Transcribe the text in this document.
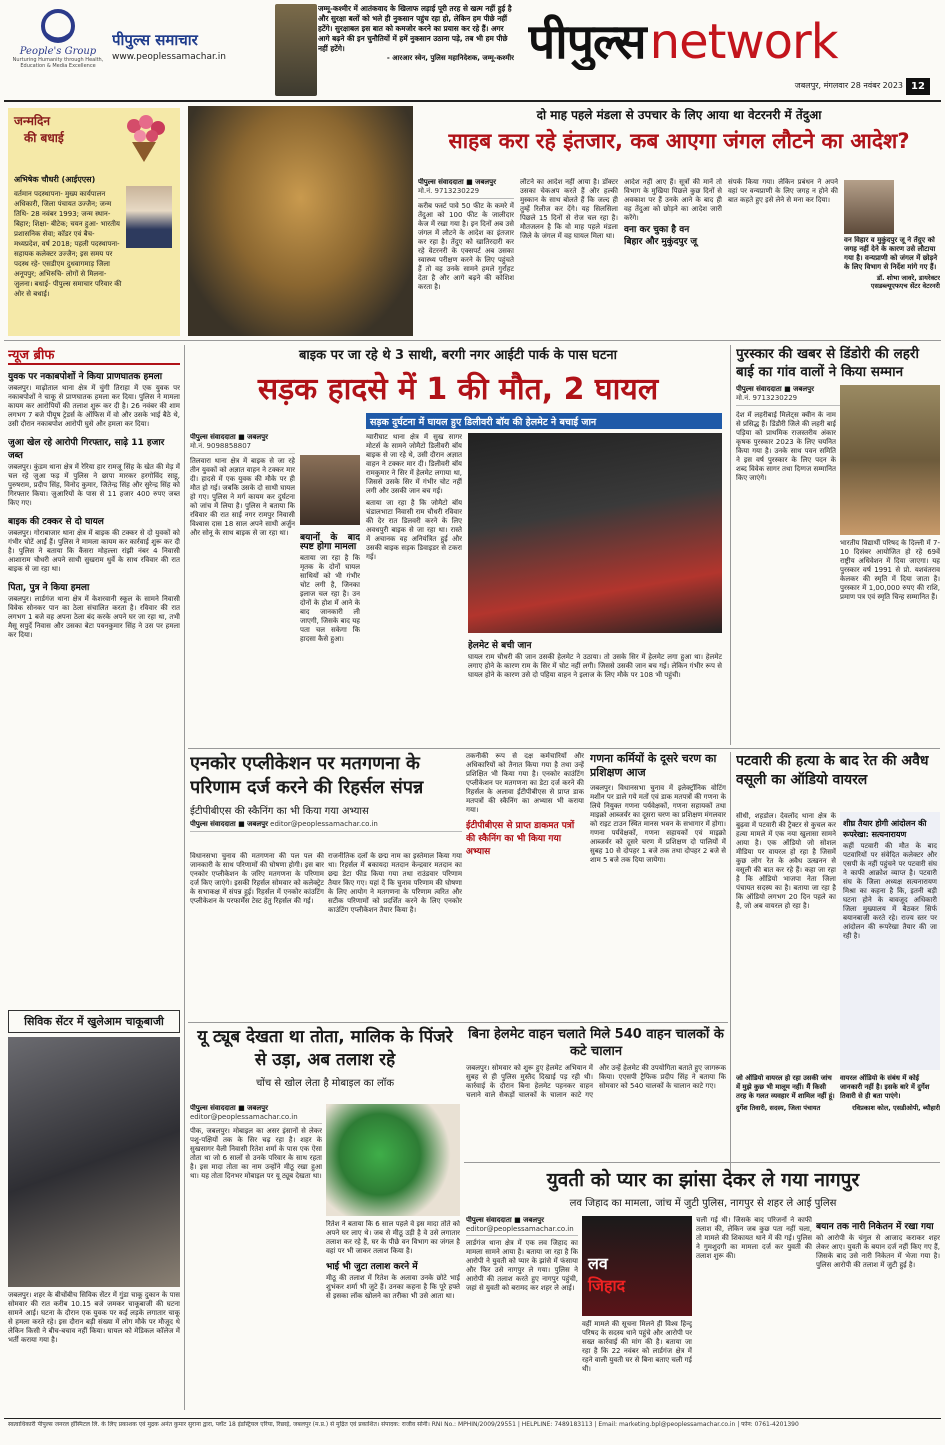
People's Group
Nurturing Humanity through Health, Education & Media Excellence
पीपुल्स समाचार
www.peoplessamachar.in
जम्मू-कश्मीर में आतंकवाद के खिलाफ लड़ाई पूरी तरह से खत्म नहीं हुई है और सुरक्षा बलों को भले ही नुकसान पहुंच रहा हो, लेकिन हम पीछे नहीं हटेंगे। सुरक्षाबल इस बात को कमजोर करने का प्रयास कर रहे हैं। अगर आगे बढ़ने की इन चुनौतियों में हमें नुकसान उठाना पड़े, तब भी हम पीछे नहीं हटेंगे।
- आरआर स्वेन, पुलिस महानिदेशक, जम्मू-कश्मीर पीपुल्सnetwork
जबलपुर, मंगलवार 28 नवंबर 2023 12
जन्मदिन
की बधाई
अभिषेक चौधरी (आईएएस)
वर्तमान पदस्थापना- मुख्य कार्यपालन अधिकारी, जिला पंचायत उज्जैन; जन्म तिथि- 28 नवंबर 1993; जन्म स्थान- बिहार; शिक्षा- बीटेक; चयन हुआ- भारतीय प्रशासनिक सेवा; कॉडर एवं बैच- मध्यप्रदेश, वर्ष 2018; पहली पदस्थापना- सहायक कलेक्टर उज्जैन; इस समय पर पदस्थ रहे- एसडीएम दुधवागमाड़ जिला अनूपपुर; अभिरुचि- लोगों से मिलना-जुलना। बधाई- पीपुल्स समाचार परिवार की ओर से बधाई।
दो माह पहले मंडला से उपचार के लिए आया था वेटरनरी में तेंदुआ
साहब करा रहे इंतजार, कब आएगा जंगल लौटने का आदेश?
पीपुल्स संवाददाता ■ जबलपुर
मो.नं. 9713230229

करीब फर्स्ट पावे 50 फीट के कमरे में तेंदुआ को 100 फीट के जालीदार केज में रखा गया है। इन दिनों अब उसे जंगल में लौटने के आदेश का इंतजार कर रहा है। तेंदुए को खातिरदारी कर रहे वेटरनरी के एक्सपर्ट अब उसका स्वास्थ्य परीक्षण करने के लिए पहुंचते हैं तो वह उनके सामने हमले गुर्राहट देता है और आगे बढ़ने की कोशिश करता है।

लौटने का आदेश नहीं आया है। डॉक्टर उसका चेकअप करते हैं और हल्की मुस्कान के साथ बोलते हैं कि जल्द ही तुम्हें रिलीज कर देंगे। यह सिलसिला पिछले 15 दिनों से रोज चल रहा है। मौतजलन है कि वो माह पहले मंडला जिले के जंगल में वह घायल मिला था।

आदेश नहीं आए हैं। सूत्रों की मानें तो विभाग के मुखिया पिछले कुछ दिनों से अवकाश पर हैं उनके आने के बाद ही वह तेंदुआ को छोड़ने का आदेश जारी करेंगे।

वना कर चुका है वन
बिहार और मुकुंदपुर जू

संपर्क किया गया। लेकिन प्रबंधन ने अपने वहां पर वन्यप्राणी के लिए जगह न होने की बात कहते हुए इसे लेने से मना कर दिया।

वन विहार व मुकुंदपुर जू ने तेंदुए को जगह नहीं देने के कारण उसे लौटाया गया है। वन्यप्राणी को जंगल में छोड़ने के लिए विभाग से निर्देश मांगे गए हैं।
डॉ. शोभा जावरे, डायरेक्टर एसडब्ल्यूएफएच सेंटर वेटरनरी
न्यूज ब्रीफ
युवक पर नकाबपोशों ने किया प्राणघातक हमला
जबलपुर। माढ़ोताल थाना क्षेत्र में चुंगी तिराहा में एक युवक पर नकाबपोशों ने चाकू से प्राणघातक हमला कर दिया। पुलिस ने मामला कायम कर आरोपियों की तलाश शुरू कर दी है। 26 नवंबर की शाम लगभग 7 बजे पीयूष ट्रेडर्स के ऑफिस में वो और उसके भाई बैठे थे, उसी दौरान नकाबपोश आरोपी घुसे और हमला कर दिया।
जुआ खेल रहे आरोपी गिरफ्तार, साढ़े 11 हजार जब्त
जबलपुर। कुंडम थाना क्षेत्र में रेरिया हार रामजू सिंह के खेत की मेड़ में चल रहे जुआ फड़ में पुलिस ने छापा मारकर हरगोविंद साहू, पुरुषराम, प्रदीप सिंह, विनोद कुमार, जितेन्द्र सिंह और सुरेन्द्र सिंह को गिरफ्तार किया। जुआरियों के पास से 11 हजार 400 रुपए जब्त किए गए।
बाइक की टक्कर से दो घायल
जबलपुर। गोराबाजार थाना क्षेत्र में बाइक की टक्कर से दो युवकों को गंभीर चोटें आईं हैं। पुलिस ने मामला कायम कर कार्रवाई शुरू कर दी है। पुलिस ने बताया कि कैंसरा मोहल्ला रांझी नंबर 4 निवासी आशाराम चौधरी अपने साथी सुखराम धुर्वे के साथ रविवार की रात बाइक से जा रहा था।
पिता, पुत्र ने किया हमला
जबलपुर। लार्डगंज थाना क्षेत्र में केशरवानी स्कूल के सामने निवासी विवेक सोनकर पान का ठेला संचालित करता है। रविवार की रात लगभग 1 बजे वह अपना ठेला बंद करके अपने घर जा रहा था, तभी मैसू सपुर्दे निवास और उसका बेटा पवनकुमार सिंह ने उस पर हमला कर दिया।
सिविक सेंटर में खुलेआम चाकूबाजी
जबलपुर। शहर के बीचोंबीच सिविक सेंटर में गुंडा चाकू दुकान के पास सोमवार की रात करीब 10.15 बजे जमकर चाकूबाजी की घटना सामने आई। घटना के दौरान एक युवक पर कई लड़के लगातार चाकू से हमला करते रहे। इस दौरान बड़ी संख्या में लोग मौके पर मौजूद थे लेकिन किसी ने बीच-बचाव नहीं किया। घायल को मेडिकल कॉलेज में भर्ती कराया गया है।
बाइक पर जा रहे थे 3 साथी, बरगी नगर आईटी पार्क के पास घटना
सड़क हादसे में 1 की मौत, 2 घायल
पीपुल्स संवाददाता ■ जबलपुर
मो.नं. 9098858807
तिलवारा थाना क्षेत्र में बाइक से जा रहे तीन युवकों को अज्ञात वाहन ने टक्कर मार दी। हादसे में एक युवक की मौके पर ही मौत हो गई। जबकि उसके दो साथी घायल हो गए। पुलिस ने मर्ग कायम कर दुर्घटना को जांच में लिया है। पुलिस ने बताया कि रविवार की रात साईं नगर रामपुर निवासी विश्वास दास 18 साल अपने साथी अर्जुन और सोनू के साथ बाइक से जा रहा था।	बयानों के बाद स्पष्ट होगा मामला
बताया जा रहा है कि मृतक के दोनों घायल साथियों को भी गंभीर चोट लगी है, जिनका इलाज चल रहा है। उन दोनों के होश में आने के बाद जानकारी ली जाएगी, जिसके बाद यह पता चल सकेगा कि हादसा कैसे हुआ।

ग्वारीघाट थाना क्षेत्र में सुख सागर मोटर्स के सामने जोमैटो डिलीवरी बॉय बाइक से जा रहे थे, उसी दौरान अज्ञात वाहन ने टक्कर मार दी। डिलीवरी बॉय रामकुमार ने सिर में हेलमेट लगाया था, जिससे उसके सिर में गंभीर चोट नहीं लगी और उसकी जान बच गई।

बताया जा रहा है कि जोमैटो बॉय चंडालभाटा निवासी राम चौधरी रविवार की देर रात डिलवरी करने के लिए अवधपुरी बाइक से जा रहा था। रास्ते में अचानक वह अनियंत्रित हुई और उसकी बाइक सड़क डिवाइडर से टकरा गई।

सड़क दुर्घटना में घायल हुए डिलीवरी बॉय की हेलमेट ने बचाई जान
हेलमेट से बची जान
घायल राम चौधरी की जान उसकी हेलमेट ने उठाया। तो उसके सिर में हेलमेट लगा हुआ था। हेलमेट लगाए होने के कारण राम के सिर में चोट नहीं लगी। जिससे उसकी जान बच गई। लेकिन गंभीर रूप से घायल होने के कारण उसे दो पहिया वाहन ने इलाज के लिए मौके पर 108 भी पहुंची।
पुरस्कार की खबर से डिंडोरी की लहरी बाई का गांव वालों ने किया सम्मान
पीपुल्स संवाददाता ■ जबलपुर
मो.नं. 9713230229
देश में लहरीबाई मिलेट्स क्वीन के नाम से प्रसिद्ध हैं। डिंडौरी जिले की लहरी बाई पड़िया को प्राथमिक राजस्तरीय अंकार कृषक पुरस्कार 2023 के लिए चयनित किया गया है। उनके साथ पवन समिति ने इस वर्ष पुरस्कार के लिए पदन के शब्द विवेक सागर तथा दिग्गज सम्मानित किए जाएंगे।
भारतीय विद्यार्थी परिषद के दिल्ली में 7-10 दिसंबर आयोजित हो रहे 69वें राष्ट्रीय अधिवेशन में दिया जाएगा। यह पुरस्कार वर्ष 1991 से प्रो. यशवंतराव केलकर की स्मृति में दिया जाता है। पुरस्कार में 1,00,000 रुपए की राशि, प्रमाण पत्र एवं स्मृति चिन्ह सम्मानित हैं।
एनकोर एप्लीकेशन पर मतगणना के परिणाम दर्ज करने की रिहर्सल संपन्न
ईटीपीबीएस की स्कैनिंग का भी किया गया अभ्यास
पीपुल्स संवाददाता ■ जबलपुर editor@peoplessamachar.co.in
विधानसभा चुनाव की मतगणना की पल पल की जानकारी के साथ परिणामों की घोषणा होगी। इस बार एनकोर एप्लीकेशन के जरिए मतगणना के परिणाम दर्ज किए जाएंगे। इसकी रिहर्सल सोमवार को कलेक्ट्रेट के सभाकक्ष में संपन्न हुई। रिहर्सल में एनकोर कांउटिंग एप्लीकेशन के परफार्मेंस टेस्ट हेतु रिहर्सल की गई।
राजनीतिक दलों के छद्म नाम का इस्तेमाल किया गया था। रिहर्सल में बकायदा मतदान केन्द्रवार मतदान का छद्म डेटा फीड किया गया तथा राउंडवार परिणाम तैयार किए गए। यहां दें कि चुनाव परिणाम की घोषणा के लिए आयोग ने मतगणना के परिणाम त्वरित और सटीक परिणामों को प्रदर्शित करने के लिए एनकोर काउंटिंग एप्लीकेशन तैयार किया है।
तकनीकी रूप से दक्ष कर्मचारियों और अधिकारियों को तैनात किया गया है तथा उन्हें प्रशिक्षित भी किया गया है। एनकोर काउंटिंग एप्लीकेशन पर मतगणना का डेटा दर्ज करने की रिहर्सल के अलावा ईटीपीबीएस से प्राप्त डाक मतपत्रों की स्कैनिंग का अभ्यास भी कराया गया।
ईटीपीबीएस से प्राप्त डाकमत पत्रों की स्कैनिंग का भी किया गया अभ्यास
गणना कर्मियों के दूसरे चरण का प्रशिक्षण आज
जबलपुर। विधानसभा चुनाव में इलेक्ट्रॉनिक वोटिंग मशीन पर डाले गये मतों एवं डाक मतपत्रों की गणना के लिये नियुक्त गणना पर्यवेक्षकों, गणना सहायकों तथा माइक्रो आब्जर्वर का दूसरा चरण का प्रशिक्षण मंगलवार को राइट टाउन स्थित मानस भवन के सभागार में होगा। गणना पर्यवेक्षकों, गणना सहायकों एवं माइक्रो आब्जर्वर को दूसरे चरण में प्रशिक्षण दो पालियों में सुबह 10 से दोपहर 1 बजे तक तथा दोपहर 2 बजे से शाम 5 बजे तक दिया जायेगा।
पटवारी की हत्या के बाद रेत की अवैध वसूली का ऑडियो वायरल
सीधी, शहडोल। देवलोंद थाना क्षेत्र के बुढ़वा में पटवारी की ट्रैक्टर से कुचल कर हत्या मामले में एक नया खुलासा सामने आया है। एक ऑडियो जो सोशल मीडिया पर वायरल हो रहा है जिसमें कुछ लोग रेत के अवैध उत्खनन से वसूली की बात कर रहे हैं। कहा जा रहा है कि ऑडियो भाजपा नेता जिला पंचायत सदस्य का है। बताया जा रहा है कि ऑडियो लगभग 20 दिन पहले का है, जो अब वायरल हो रहा है।
शीघ्र तैयार होगी आंदोलन की रूपरेखा: सत्यनारायण
कहीं पटवारी की मौत के बाद पटवारियों पर संवेदित कलेक्टर और एसपी के नहीं पहुंचने पर पटवारी संघ ने काफी आक्रोश व्याप्त है। पटवारी संघ के जिला अध्यक्ष सत्यनारायण मिश्रा का कहना है कि, इतनी बड़ी घटना होने के बावजूद अधिकारी जिला मुख्यालय में बैठकर सिर्फ बयानबाजी करते रहे। राज्य स्तर पर आंदोलन की रूपरेखा तैयार की जा रही है।
जो ऑडियो वायरल हो रहा उसकी जांच में मुझे कुछ भी मालूम नहीं। मैं किसी तरह के गलत व्यवहार में शामिल नहीं हूं।
दुर्गेश तिवारी, सदस्य, जिला पंचायत
वायरल ऑडियो के संबंध में कोई जानकारी नहीं है। इसके बारे में दुर्गेश तिवारी से ही बता पाएंगे।
रविप्रकाश कोल, एसडीओपी, ब्यौहारी
यू ट्यूब देखता था तोता, मालिक के पिंजरे से उड़ा, अब तलाश रहे
चोंच से खोल लेता है मोबाइल का लॉक
पीपुल्स संवाददाता ■ जबलपुर
editor@peoplessamachar.co.in
पीक, जबलपुर। मोबाइल का असर इंसानों से लेकर पशु-पक्षियों तक के सिर चढ़ रहा है। शहर के सुखसागर वैली निवासी रितेश शर्मा के पास एक ऐसा तोता था जो 6 सालों से उनके परिवार के साथ रहता है। इस मादा तोता का नाम उन्होंने मीठू रखा हुआ था। यह तोता दिनभर मोबाइल पर यू ट्यूब देखता था।
रितेश ने बताया कि 6 साल पहले वे इस मादा तोते को अपने घर लाए थे। जब से मीठू उड़ी है वे उसे लगातार तलाश कर रहे हैं, घर के पीछे वन विभाग का जंगल है वहां पर भी जाकर तलाश किया है।
भाई भी जुटा तलाश करने में
मीठू की तलाश में रितेश के अलावा उनके छोटे भाई शुभंकर शर्मा भी जुटे हैं। उनका कहना है कि पूरे हफ्ते से इसका लॉक खोलने का तरीका भी उसे आता था।
बिना हेलमेट वाहन चलाते मिले 540 वाहन चालकों के कटे चालान
जबलपुर। सोमवार को शुरू हुए हेलमेट अभियान में सुबह से ही पुलिस मुस्तैद दिखाई पड़ रही थी। कार्रवाई के दौरान बिना हेलमेट पहनकर वाहन चलाने वाले सैकड़ों चालकों के चालान काटे गए और उन्हें हेलमेट की उपयोगिता बताते हुए जागरूक किया। एएसपी ट्रैफिक प्रदीप सिंह ने बताया कि सोमवार को 540 चालकों के चालान काटे गए।
युवती को प्यार का झांसा देकर ले गया नागपुर
लव जिहाद का मामला, जांच में जुटी पुलिस, नागपुर से शहर ले आई पुलिस
पीपुल्स संवाददाता ■ जबलपुर
editor@peoplessamachar.co.in
लार्डगंज थाना क्षेत्र में एक लव जिहाद का मामला सामने आया है। बताया जा रहा है कि आरोपी ने युवती को प्यार के झांसे में फंसाया और फिर उसे नागपुर ले गया। पुलिस ने आरोपी की तलाश करते हुए नागपुर पहुंची, जहां से युवती को बरामद कर शहर ले आई।
लव
जिहाद
वहीं मामले की सूचना मिलने ही विश्व हिन्दू परिषद के सदस्य थाने पहुंचे और आरोपी पर सख्त कार्रवाई की मांग की है। बताया जा रहा है कि 22 नवंबर को लार्डगंज क्षेत्र में रहने वाली युवती घर से बिना बताए चली गई थी।
चली गई थी। जिसके बाद परिजनों ने काफी तलाश की, लेकिन जब कुछ पता नहीं चला, तो मामले की शिकायत थाने में की गई। पुलिस ने गुमशुदगी का मामला दर्ज कर युवती की तलाश शुरू की।
बयान तक नारी निकेतन में रखा गया
को आरोपी के चंगुल से आजाद कराकर शहर लेकर आए। युवती के बयान दर्ज नहीं किए गए हैं, जिसके बाद उसे नारी निकेतन में भेजा गया है। पुलिस आरोपी की तलाश में जुटी हुई है।
स्वत्वाधिकारी पीपुल्स जनरल हॉस्पिटल लि. के लिए प्रकाशक एवं मुद्रक अनंत कुमार सुराना द्वारा, प्लॉट 18 इंडस्ट्रियल एरिया, रिछाई, जबलपुर (म.प्र.) से मुद्रित एवं प्रकाशित। संपादक: राजीव सोनी। RNI No.: MPHIN/2009/29551 | HELPLINE: 7489183113 | Email: marketing.bpl@peoplessamachar.co.in | फोन: 0761-4201390
